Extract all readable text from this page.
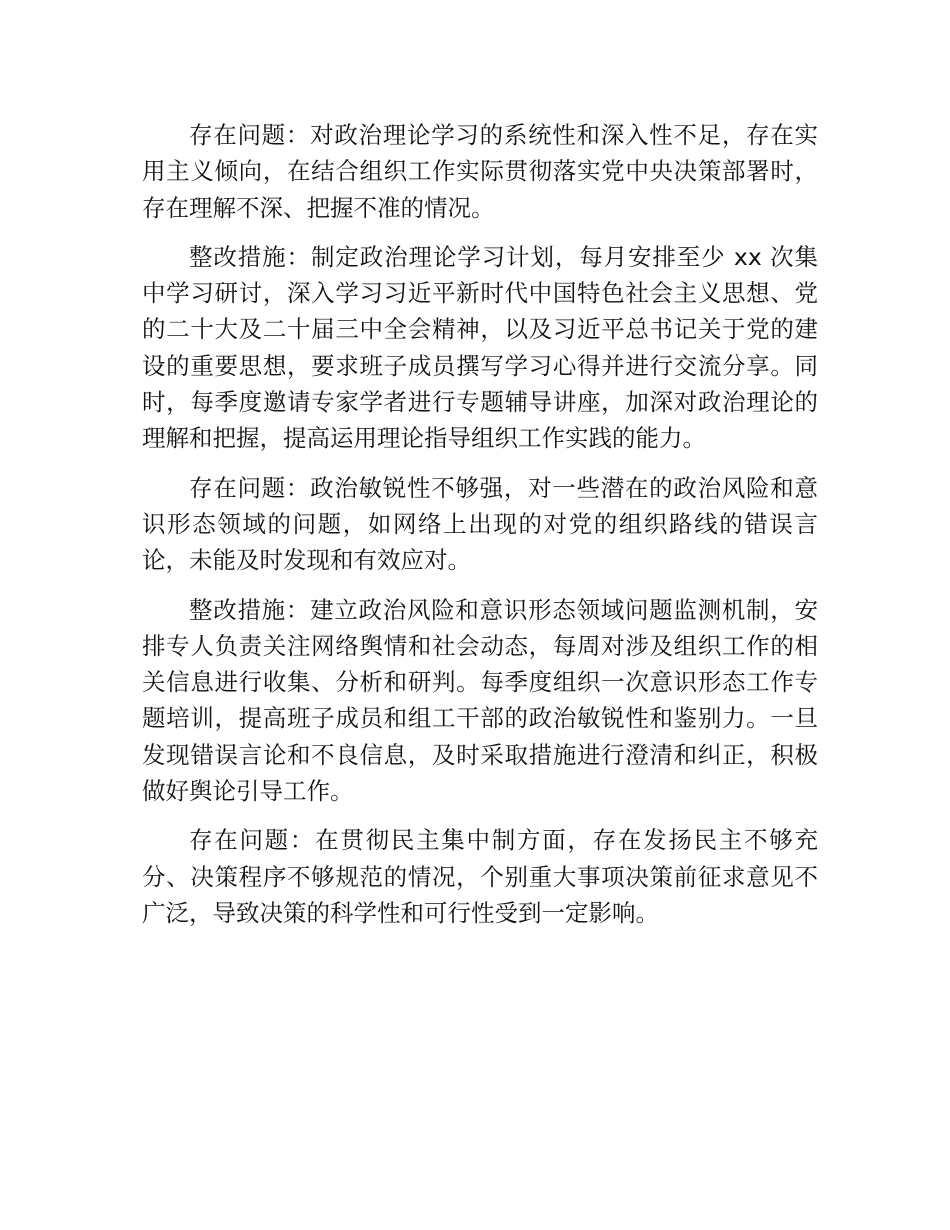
存在问题：对政治理论学习的系统性和深入性不足，存在实用主义倾向，在结合组织工作实际贯彻落实党中央决策部署时，存在理解不深、把握不准的情况。

整改措施：制定政治理论学习计划，每月安排至少 xx 次集中学习研讨，深入学习习近平新时代中国特色社会主义思想、党的二十大及二十届三中全会精神，以及习近平总书记关于党的建设的重要思想，要求班子成员撰写学习心得并进行交流分享。同时，每季度邀请专家学者进行专题辅导讲座，加深对政治理论的理解和把握，提高运用理论指导组织工作实践的能力。

存在问题：政治敏锐性不够强，对一些潜在的政治风险和意识形态领域的问题，如网络上出现的对党的组织路线的错误言论，未能及时发现和有效应对。

整改措施：建立政治风险和意识形态领域问题监测机制，安排专人负责关注网络舆情和社会动态，每周对涉及组织工作的相关信息进行收集、分析和研判。每季度组织一次意识形态工作专题培训，提高班子成员和组工干部的政治敏锐性和鉴别力。一旦发现错误言论和不良信息，及时采取措施进行澄清和纠正，积极做好舆论引导工作。

存在问题：在贯彻民主集中制方面，存在发扬民主不够充分、决策程序不够规范的情况，个别重大事项决策前征求意见不广泛，导致决策的科学性和可行性受到一定影响。
